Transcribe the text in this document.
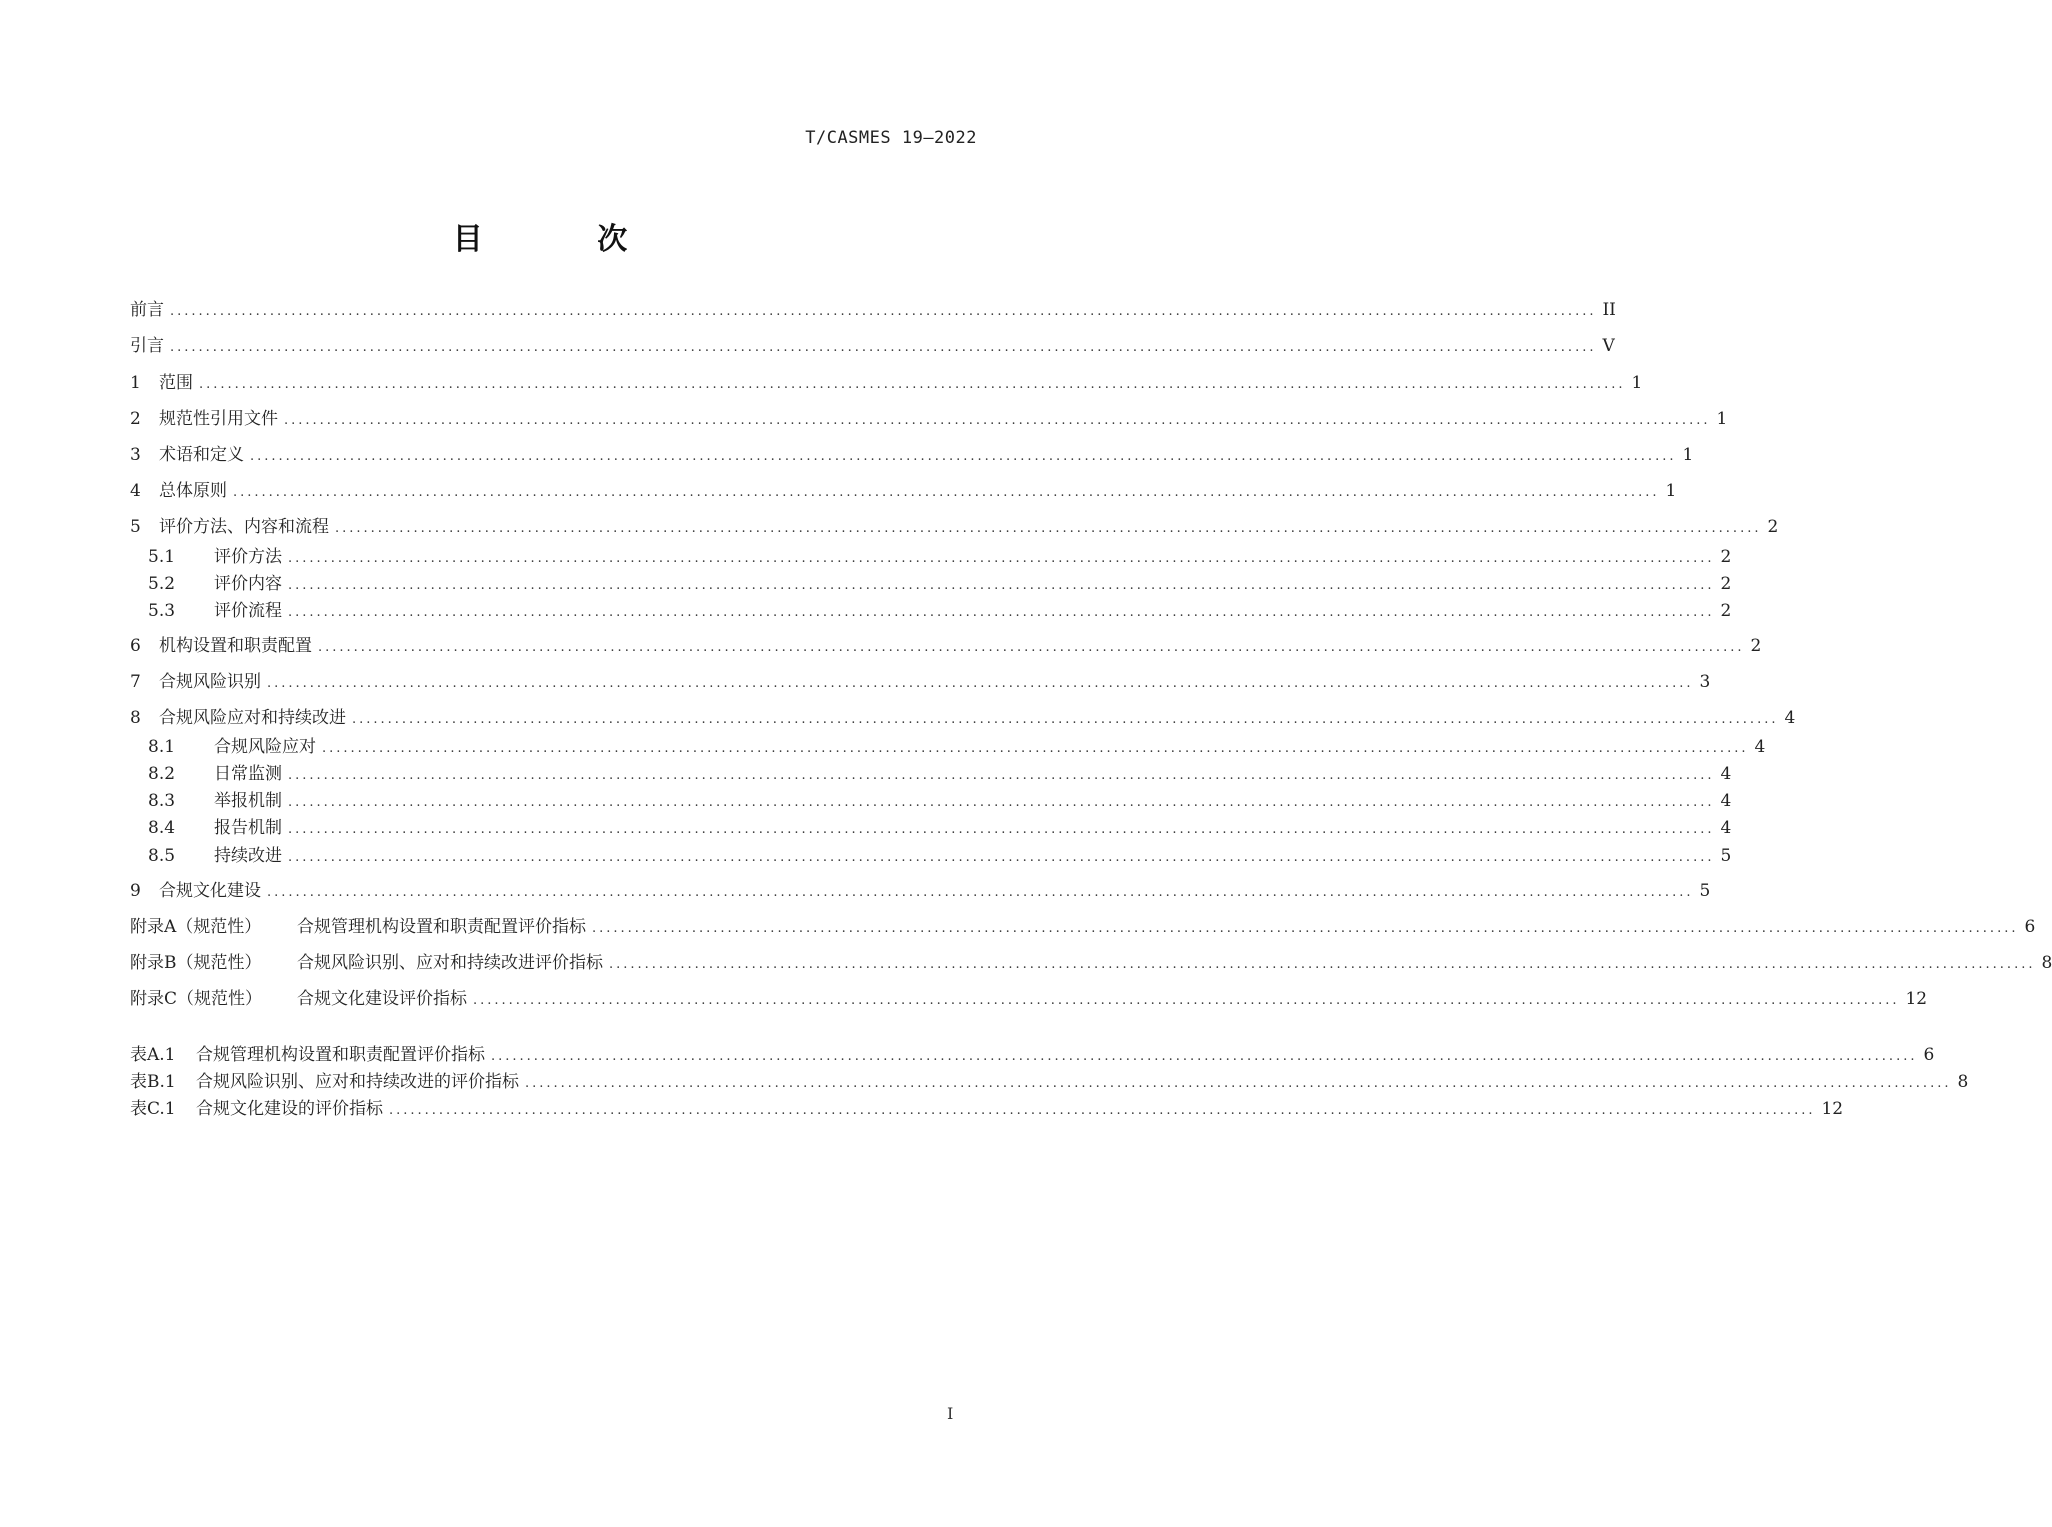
T/CASMES 19—2022
目 次
前言 ........................................................................................................................................................................................................ II
引言 ........................................................................................................................................................................................................ V
1	范围 ........................................................................................................................................................................................................ 1
2	规范性引用文件 ........................................................................................................................................................................................................ 1
3	术语和定义 ........................................................................................................................................................................................................ 1
4	总体原则 ........................................................................................................................................................................................................ 1
5	评价方法、内容和流程 ........................................................................................................................................................................................................ 2
5.1	评价方法 ........................................................................................................................................................................................................ 2
5.2	评价内容 ........................................................................................................................................................................................................ 2
5.3	评价流程 ........................................................................................................................................................................................................ 2
6	机构设置和职责配置 ........................................................................................................................................................................................................ 2
7	合规风险识别 ........................................................................................................................................................................................................ 3
8	合规风险应对和持续改进 ........................................................................................................................................................................................................ 4
8.1	合规风险应对 ........................................................................................................................................................................................................ 4
8.2	日常监测 ........................................................................................................................................................................................................ 4
8.3	举报机制 ........................................................................................................................................................................................................ 4
8.4	报告机制 ........................................................................................................................................................................................................ 4
8.5	持续改进 ........................................................................................................................................................................................................ 5
9	合规文化建设 ........................................................................................................................................................................................................ 5
附录A（规范性）	合规管理机构设置和职责配置评价指标 ........................................................................................................................................................................................................ 6
附录B（规范性）	合规风险识别、应对和持续改进评价指标 ........................................................................................................................................................................................................ 8
附录C（规范性）	合规文化建设评价指标 ........................................................................................................................................................................................................ 12
表A.1	合规管理机构设置和职责配置评价指标 ........................................................................................................................................................................................................ 6
表B.1	合规风险识别、应对和持续改进的评价指标 ........................................................................................................................................................................................................ 8
表C.1	合规文化建设的评价指标 ........................................................................................................................................................................................................ 12
I
